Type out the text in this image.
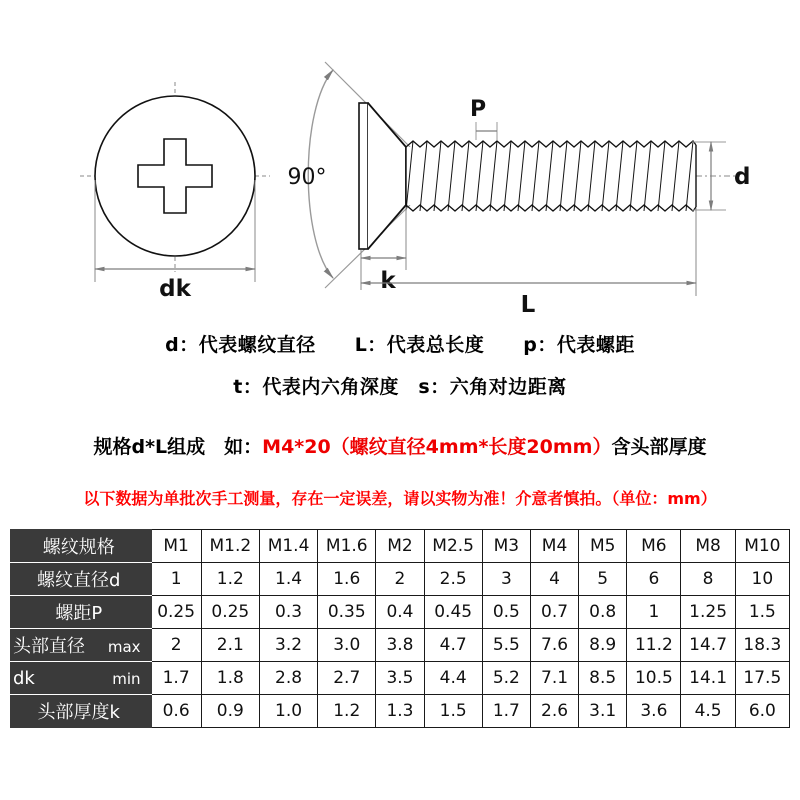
dk
90°
P
d
k
L
d：代表螺纹直径　　L：代表总长度　　p：代表螺距
t：代表内六角深度　s：六角对边距离
规格d*L组成　如：M4*20（螺纹直径4mm*长度20mm）含头部厚度
以下数据为单批次手工测量，存在一定误差，请以实物为准！介意者慎拍。（单位：mm）
螺纹规格	M1	M1.2	M1.4	M1.6	M2	M2.5	M3	M4	M5	M6	M8	M10

螺纹直径d	1	1.2	1.4	1.6	2	2.5	3	4	5	6	8	10

螺距P	0.25	0.25	0.3	0.35	0.4	0.45	0.5	0.7	0.8	1	1.25	1.5

头部直径 max	2	2.1	3.2	3.0	3.8	4.7	5.5	7.6	8.9	11.2	14.7	18.3

dk min	1.7	1.8	2.8	2.7	3.5	4.4	5.2	7.1	8.5	10.5	14.1	17.5

头部厚度k	0.6	0.9	1.0	1.2	1.3	1.5	1.7	2.6	3.1	3.6	4.5	6.0
